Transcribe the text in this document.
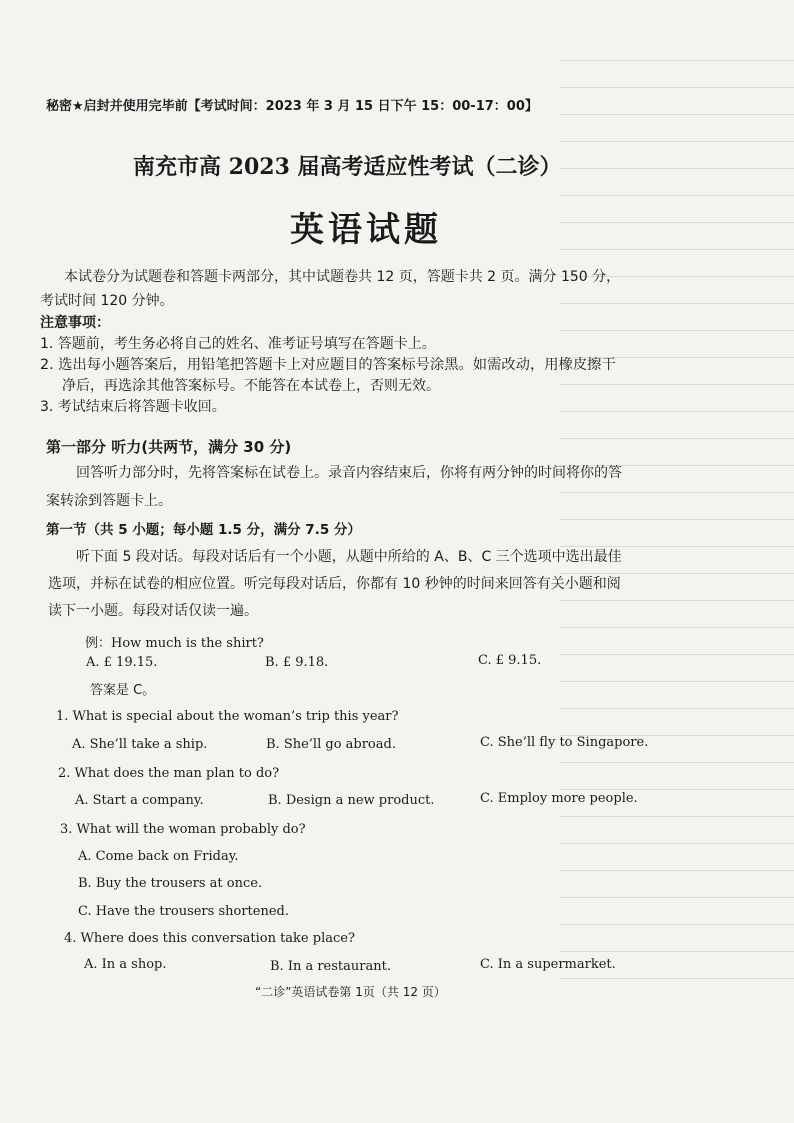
秘密★启封并使用完毕前【考试时间：2023 年 3 月 15 日下午 15：00-17：00】
南充市高 2023 届高考适应性考试（二诊）
英语试题
本试卷分为试题卷和答题卡两部分，其中试题卷共 12 页，答题卡共 2 页。满分 150 分，
考试时间 120 分钟。
注意事项：
1. 答题前，考生务必将自己的姓名、准考证号填写在答题卡上。
2. 选出每小题答案后，用铅笔把答题卡上对应题目的答案标号涂黑。如需改动，用橡皮擦干
净后，再选涂其他答案标号。不能答在本试卷上，否则无效。
3. 考试结束后将答题卡收回。
第一部分 听力(共两节，满分 30 分)
回答听力部分时，先将答案标在试卷上。录音内容结束后，你将有两分钟的时间将你的答
案转涂到答题卡上。
第一节（共 5 小题；每小题 1.5 分，满分 7.5 分）
听下面 5 段对话。每段对话后有一个小题，从题中所给的 A、B、C 三个选项中选出最佳
选项，并标在试卷的相应位置。听完每段对话后，你都有 10 秒钟的时间来回答有关小题和阅
读下一小题。每段对话仅读一遍。
例：How much is the shirt?
A. £ 19.15.	B. £ 9.18.	C. £ 9.15.
答案是 C。
1. What is special about the woman’s trip this year?
A. She’ll take a ship.	B. She’ll go abroad.	C. She’ll fly to Singapore.
2. What does the man plan to do?
A. Start a company.	B. Design a new product.	C. Employ more people.
3. What will the woman probably do?
A. Come back on Friday.
B. Buy the trousers at once.
C. Have the trousers shortened.
4. Where does this conversation take place?
A. In a shop.	B. In a restaurant.	C. In a supermarket.
“二诊”英语试卷第 1页（共 12 页）
